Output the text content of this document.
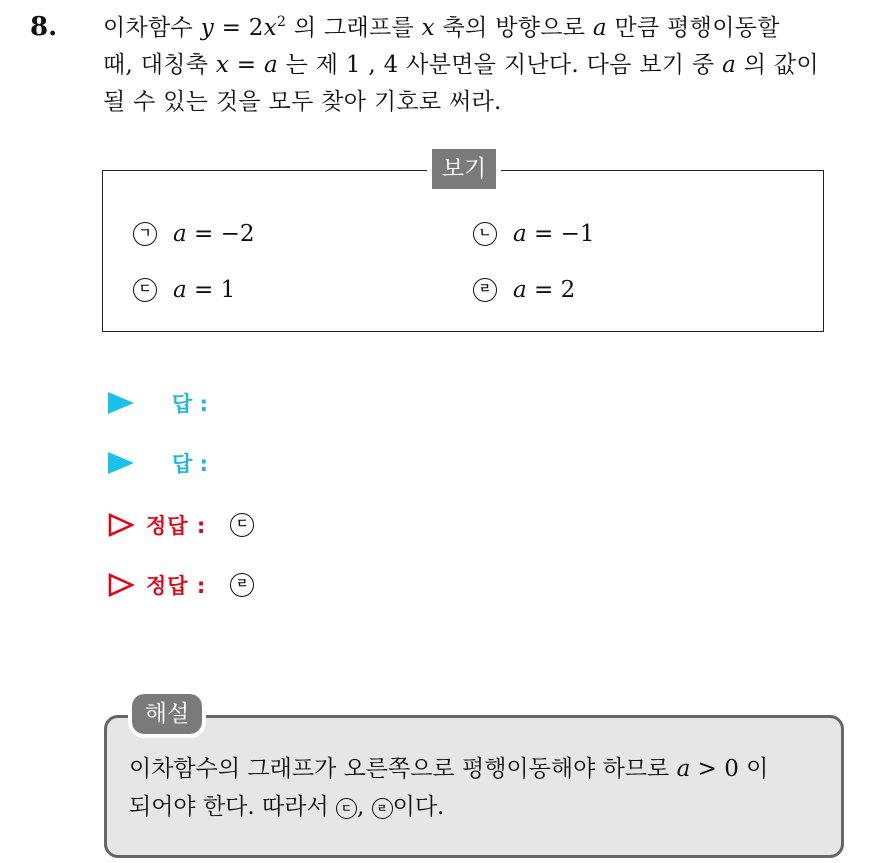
8. 이차함수 $y = 2x^2$ 의 그래프를 x 축의 방향으로 a 만큼 평행이동할
때, 대칭축 x = a 는 제 1 , 4 사분면을 지난다. 다음 보기 중 a 의 값이
될 수 있는 것을 모두 찾아 기호로 써라.
보기
ㄱ a = −2	ㄴ a = −1
ㄷ a = 1	ㄹ a = 2
답 :
답 :
정답 :	ㄷ
정답 :	ㄹ
해설
이차함수의 그래프가 오른쪽으로 평행이동해야 하므로 a > 0 이
되어야 한다. 따라서 ㄷ , ㄹ 이다.
